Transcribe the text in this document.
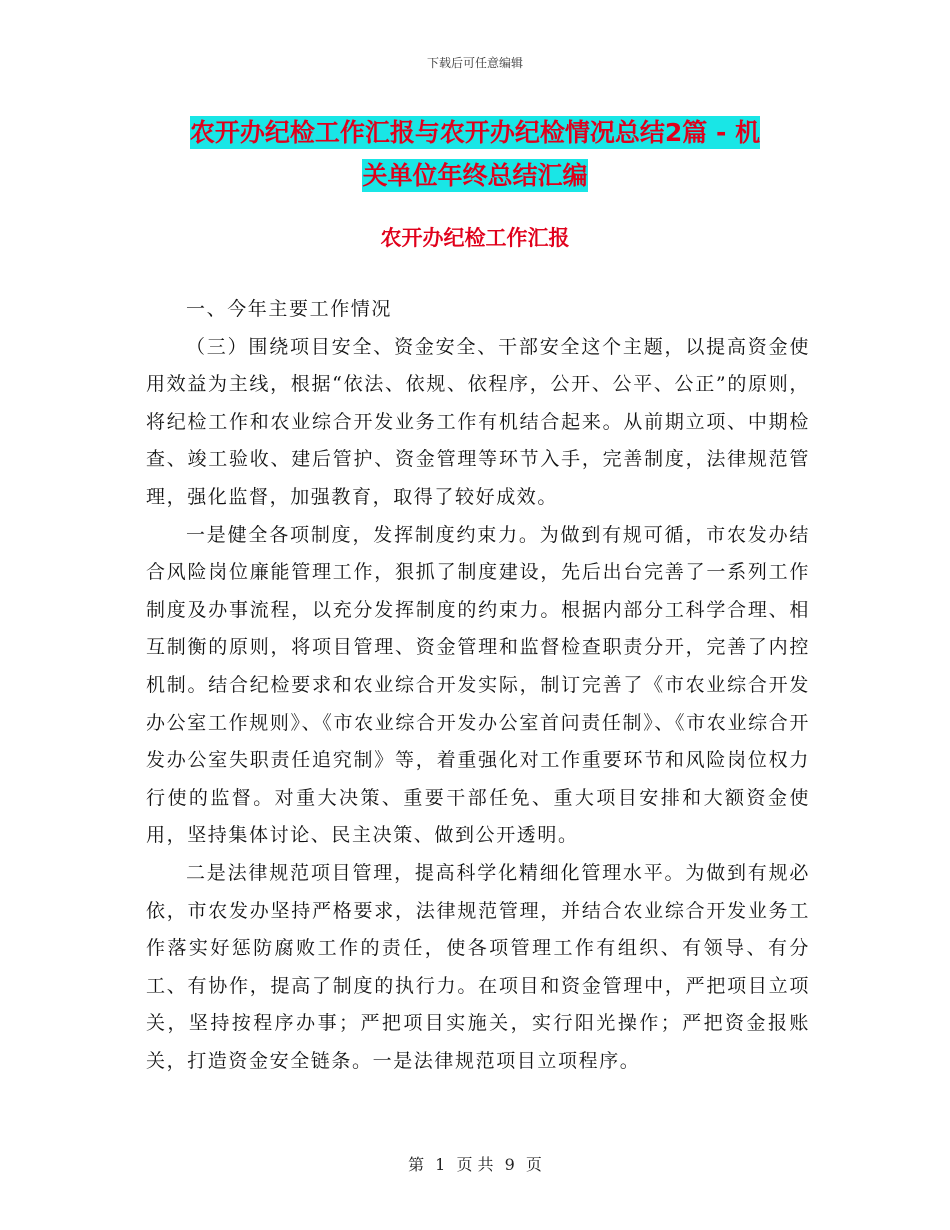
下载后可任意编辑
农开办纪检工作汇报与农开办纪检情况总结2篇 - 机
关单位年终总结汇编
农开办纪检工作汇报

一、今年主要工作情况

（三）围绕项目安全、资金安全、干部安全这个主题，以提高资金使用效益为主线，根据“依法、依规、依程序，公开、公平、公正”的原则，将纪检工作和农业综合开发业务工作有机结合起来。从前期立项、中期检查、竣工验收、建后管护、资金管理等环节入手，完善制度，法律规范管理，强化监督，加强教育，取得了较好成效。

一是健全各项制度，发挥制度约束力。为做到有规可循，市农发办结合风险岗位廉能管理工作，狠抓了制度建设，先后出台完善了一系列工作制度及办事流程，以充分发挥制度的约束力。根据内部分工科学合理、相互制衡的原则，将项目管理、资金管理和监督检查职责分开，完善了内控机制。结合纪检要求和农业综合开发实际，制订完善了《市农业综合开发办公室工作规则》、《市农业综合开发办公室首问责任制》、《市农业综合开发办公室失职责任追究制》等，着重强化对工作重要环节和风险岗位权力行使的监督。对重大决策、重要干部任免、重大项目安排和大额资金使用，坚持集体讨论、民主决策、做到公开透明。

二是法律规范项目管理，提高科学化精细化管理水平。为做到有规必依，市农发办坚持严格要求，法律规范管理，并结合农业综合开发业务工作落实好惩防腐败工作的责任，使各项管理工作有组织、有领导、有分工、有协作，提高了制度的执行力。在项目和资金管理中，严把项目立项关，坚持按程序办事；严把项目实施关，实行阳光操作；严把资金报账关，打造资金安全链条。一是法律规范项目立项程序。

第 1 页 共 9 页
